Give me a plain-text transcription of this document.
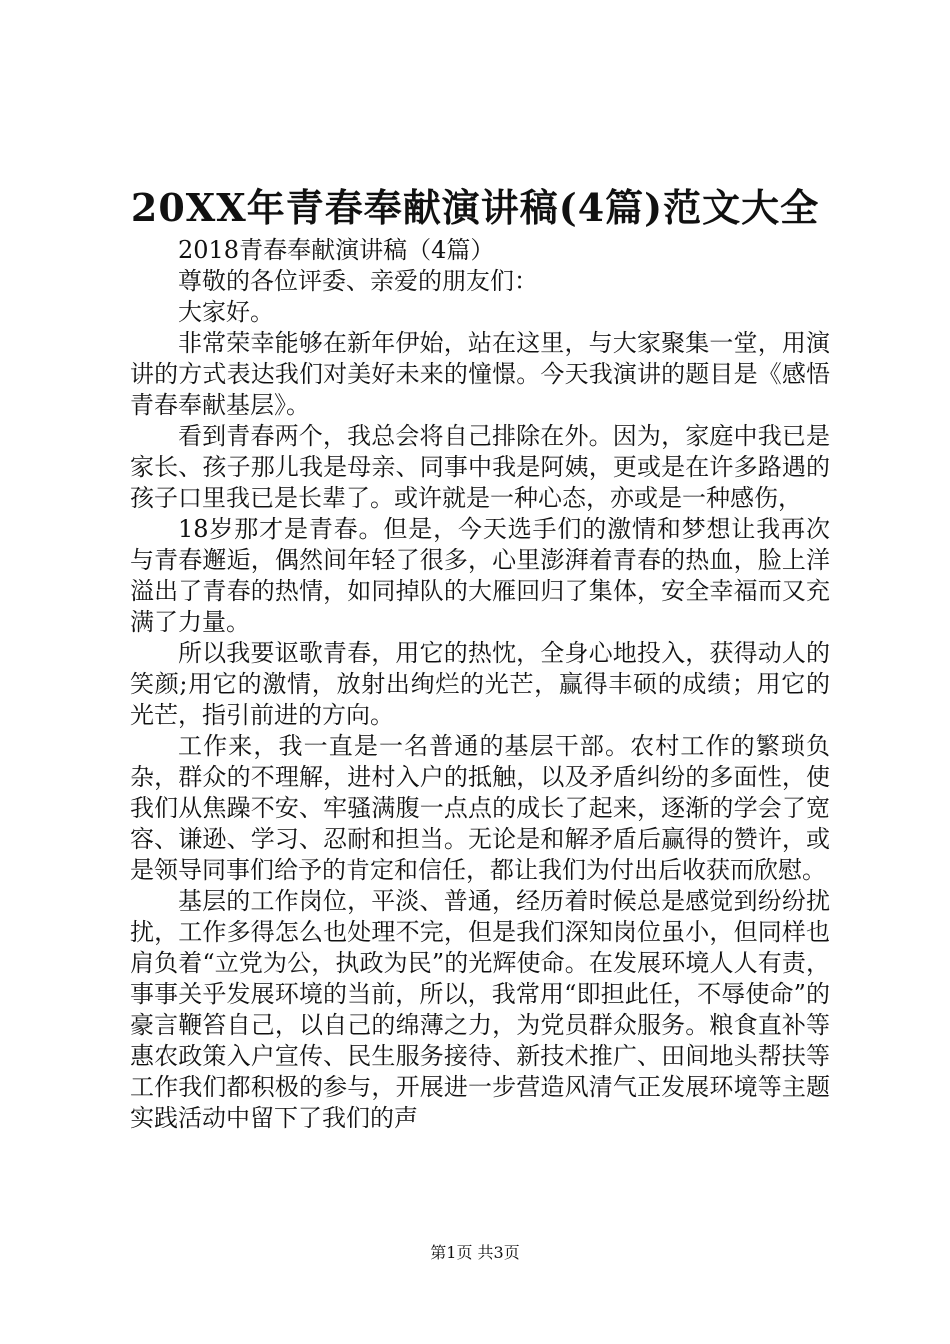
20XX年青春奉献演讲稿(4篇)范文大全

2018青春奉献演讲稿（4篇）

尊敬的各位评委、亲爱的朋友们：

大家好。

非常荣幸能够在新年伊始，站在这里，与大家聚集一堂，用演讲的方式表达我们对美好未来的憧憬。今天我演讲的题目是《感悟青春奉献基层》。

看到青春两个，我总会将自己排除在外。因为，家庭中我已是家长、孩子那儿我是母亲、同事中我是阿姨，更或是在许多路遇的孩子口里我已是长辈了。或许就是一种心态，亦或是一种感伤，

18岁那才是青春。但是，今天选手们的激情和梦想让我再次与青春邂逅，偶然间年轻了很多，心里澎湃着青春的热血，脸上洋溢出了青春的热情，如同掉队的大雁回归了集体，安全幸福而又充满了力量。

所以我要讴歌青春，用它的热忱，全身心地投入，获得动人的笑颜;用它的激情，放射出绚烂的光芒，赢得丰硕的成绩；用它的光芒，指引前进的方向。

工作来，我一直是一名普通的基层干部。农村工作的繁琐负杂，群众的不理解，进村入户的抵触，以及矛盾纠纷的多面性，使我们从焦躁不安、牢骚满腹一点点的成长了起来，逐渐的学会了宽容、谦逊、学习、忍耐和担当。无论是和解矛盾后赢得的赞许，或是领导同事们给予的肯定和信任，都让我们为付出后收获而欣慰。

基层的工作岗位，平淡、普通，经历着时候总是感觉到纷纷扰扰，工作多得怎么也处理不完，但是我们深知岗位虽小，但同样也肩负着“立党为公，执政为民”的光辉使命。在发展环境人人有责，事事关乎发展环境的当前，所以，我常用“即担此任，不辱使命”的豪言鞭笞自己，以自己的绵薄之力，为党员群众服务。粮食直补等惠农政策入户宣传、民生服务接待、新技术推广、田间地头帮扶等工作我们都积极的参与，开展进一步营造风清气正发展环境等主题实践活动中留下了我们的声

第1页 共3页
